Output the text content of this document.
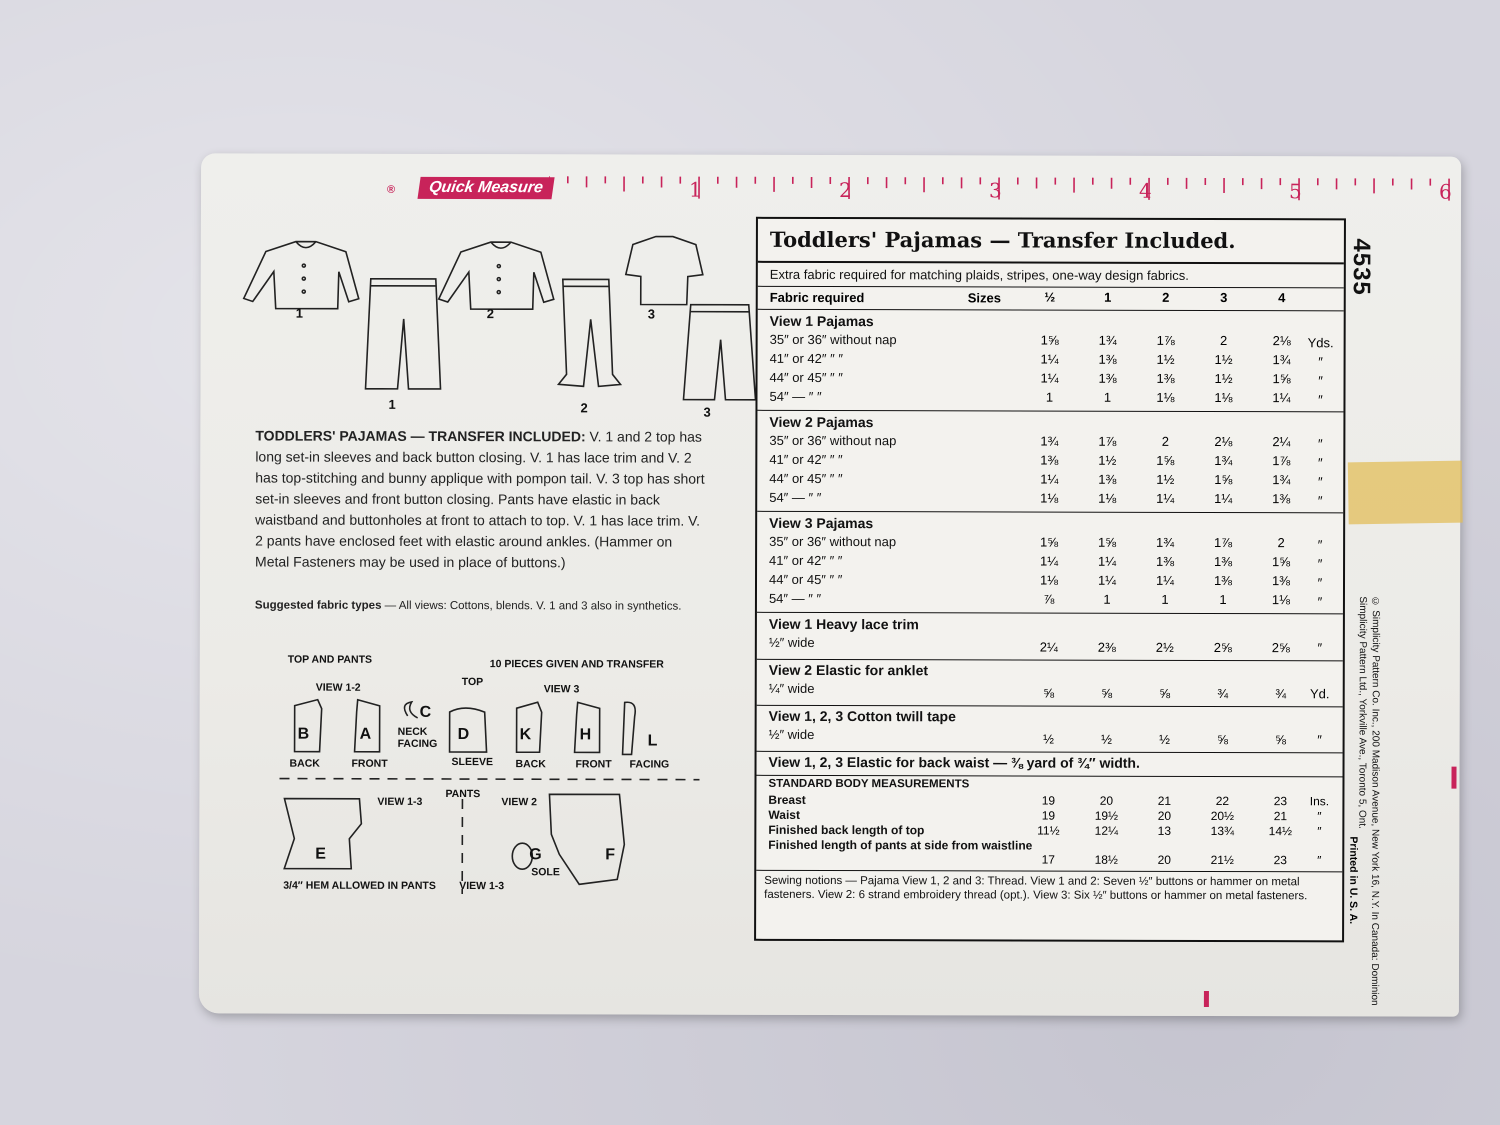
®	Quick Measure	1	2	3	4	5	6
4535
1
1
2
2
3
3
TODDLERS' PAJAMAS — TRANSFER INCLUDED: V. 1 and 2 top has long set-in sleeves and back button closing. V. 1 has lace trim and V. 2 has top-stitching and bunny applique with pompon tail. V. 3 top has short set-in sleeves and front button closing. Pants have elastic in back waistband and buttonholes at front to attach to top. V. 1 has lace trim. V. 2 pants have enclosed feet with elastic around ankles. (Hammer on Metal Fasteners may be used in place of buttons.)
Suggested fabric types — All views: Cottons, blends. V. 1 and 3 also in synthetics.
TOP AND PANTS	10 PIECES GIVEN AND TRANSFER
VIEW 1-2	TOP
VIEW 3
B	A
C
D	K	H	L
E	G	F
BACK	FRONT
NECK FACING
SLEEVE BACK	FRONT FACING
PANTS
VIEW 1-3	VIEW 2
SOLE
3/4″ HEM ALLOWED IN PANTS VIEW 1-3
Toddlers' Pajamas — Transfer Included.
Extra fabric required for matching plaids, stripes, one-way design fabrics.
Fabric required	Sizes
Sewing notions — Pajama View 1, 2 and 3: Thread. View 1 and 2: Seven ½″ buttons or hammer on metal fasteners. View 2: 6 strand embroidery thread (opt.). View 3: Six ½″ buttons or hammer on metal fasteners.
½	1	2	3	4
View 1 Pajamas
35″ or 36″ without nap	1⅝	1¾	1⅞	2	2⅛	Yds.
41″ or 42″ ″ ″	1¼	1⅜	1½	1½	1¾	″
44″ or 45″ ″ ″	1¼	1⅜	1⅜	1½	1⅝	″
54″ — ″ ″	1	1	1⅛	1⅛	1¼	″
View 2 Pajamas
35″ or 36″ without nap	1¾	1⅞	2	2⅛	2¼	″
41″ or 42″ ″ ″	1⅜	1½	1⅝	1¾	1⅞	″
44″ or 45″ ″ ″	1¼	1⅜	1½	1⅝	1¾	″
54″ — ″ ″	1⅛	1⅛	1¼	1¼	1⅜	″
View 3 Pajamas
35″ or 36″ without nap	1⅝	1⅝	1¾	1⅞	2	″
41″ or 42″ ″ ″	1¼	1¼	1⅜	1⅜	1⅝	″
44″ or 45″ ″ ″	1⅛	1¼	1¼	1⅜	1⅜	″
54″ — ″ ″	⅞	1	1	1	1⅛	″
View 1 Heavy lace trim
½″ wide	2¼	2⅜	2½	2⅝	2⅝	″
View 2 Elastic for anklet
¼″ wide	⅝	⅝	⅝	¾	¾	Yd.
View 1, 2, 3 Cotton twill tape
½″ wide	½	½	½	⅝	⅝	″
View 1, 2, 3 Elastic for back waist — ⅜ yard of ¾″ width.
STANDARD BODY MEASUREMENTS
Breast	19	20	21	22	23	Ins.
Waist	19	19½	20	20½	21	″
Finished back length of top	11½	12¼	13	13¾	14½	″
Finished length of pants at side from waistline
17	18½	20	21½	23	″	© Simplicity Pattern Co. Inc., 200 Madison Avenue, New York 16, N.Y. In Canada: Dominion Simplicity Pattern Ltd., Yorkville Ave., Toronto 5, Ont.
Printed in U. S. A.
